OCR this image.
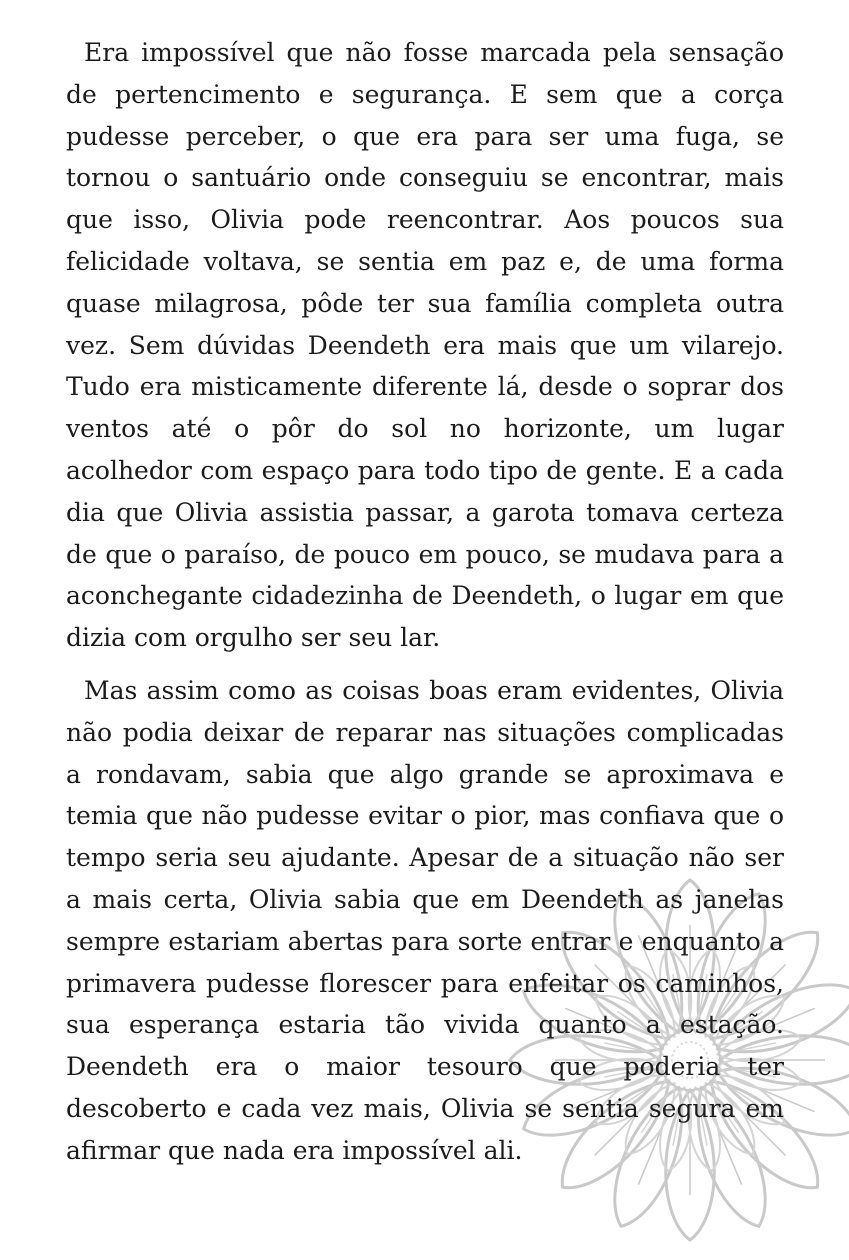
Era impossível que não fosse marcada pela sensação de pertencimento e segurança. E sem que a corça pudesse perceber, o que era para ser uma fuga, se tornou o santuário onde conseguiu se encontrar, mais que isso, Olivia pode reencontrar. Aos poucos sua felicidade voltava, se sentia em paz e, de uma forma quase milagrosa, pôde ter sua família completa outra vez. Sem dúvidas Deendeth era mais que um vilarejo. Tudo era misticamente diferente lá, desde o soprar dos ventos até o pôr do sol no horizonte, um lugar acolhedor com espaço para todo tipo de gente. E a cada dia que Olivia assistia passar, a garota tomava certeza de que o paraíso, de pouco em pouco, se mudava para a aconchegante cidadezinha de Deendeth, o lugar em que dizia com orgulho ser seu lar.

Mas assim como as coisas boas eram evidentes, Olivia não podia deixar de reparar nas situações complicadas a rondavam, sabia que algo grande se aproximava e temia que não pudesse evitar o pior, mas confiava que o tempo seria seu ajudante. Apesar de a situação não ser a mais certa, Olivia sabia que em Deendeth as janelas sempre estariam abertas para sorte entrar e enquanto a primavera pudesse florescer para enfeitar os caminhos, sua esperança estaria tão vivida quanto a estação. Deendeth era o maior tesouro que poderia ter descoberto e cada vez mais, Olivia se sentia segura em afirmar que nada era impossível ali.
